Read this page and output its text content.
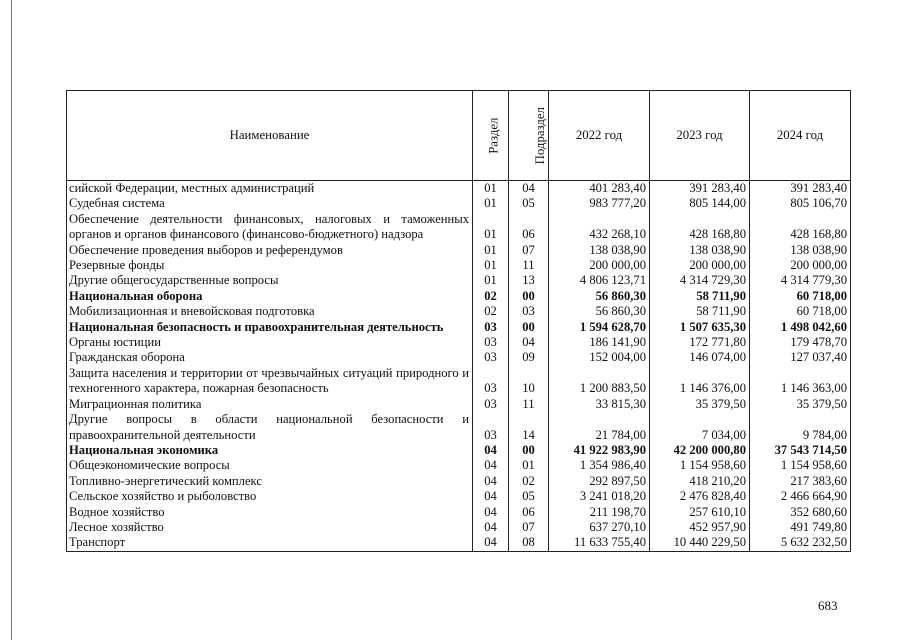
Наименование	Раздел	Подраздел	2022 год	2023 год	2024 год
сийской Федерации, местных администраций	01	04	401 283,40	391 283,40	391 283,40
Судебная система	01	05	983 777,20	805 144,00	805 106,70
Обеспечение деятельности финансовых, налоговых и таможенных органов и органов финансового (финансово-бюджетного) надзора	01	06	432 268,10	428 168,80	428 168,80
Обеспечение проведения выборов и референдумов	01	07	138 038,90	138 038,90	138 038,90
Резервные фонды	01	11	200 000,00	200 000,00	200 000,00
Другие общегосударственные вопросы	01	13	4 806 123,71	4 314 729,30	4 314 779,30
Национальная оборона	02	00	56 860,30	58 711,90	60 718,00
Мобилизационная и вневойсковая подготовка	02	03	56 860,30	58 711,90	60 718,00
Национальная безопасность и правоохранительная деятельность	03	00	1 594 628,70	1 507 635,30	1 498 042,60
Органы юстиции	03	04	186 141,90	172 771,80	179 478,70
Гражданская оборона	03	09	152 004,00	146 074,00	127 037,40
Защита населения и территории от чрезвычайных ситуаций природного и техногенного характера, пожарная безопасность	03	10	1 200 883,50	1 146 376,00	1 146 363,00
Миграционная политика	03	11	33 815,30	35 379,50	35 379,50
Другие вопросы в области национальной безопасности и правоохранительной деятельности	03	14	21 784,00	7 034,00	9 784,00
Национальная экономика	04	00	41 922 983,90	42 200 000,80	37 543 714,50
Общеэкономические вопросы	04	01	1 354 986,40	1 154 958,60	1 154 958,60
Топливно-энергетический комплекс	04	02	292 897,50	418 210,20	217 383,60
Сельское хозяйство и рыболовство	04	05	3 241 018,20	2 476 828,40	2 466 664,90
Водное хозяйство	04	06	211 198,70	257 610,10	352 680,60
Лесное хозяйство	04	07	637 270,10	452 957,90	491 749,80
Транспорт	04	08	11 633 755,40	10 440 229,50	5 632 232,50
683
